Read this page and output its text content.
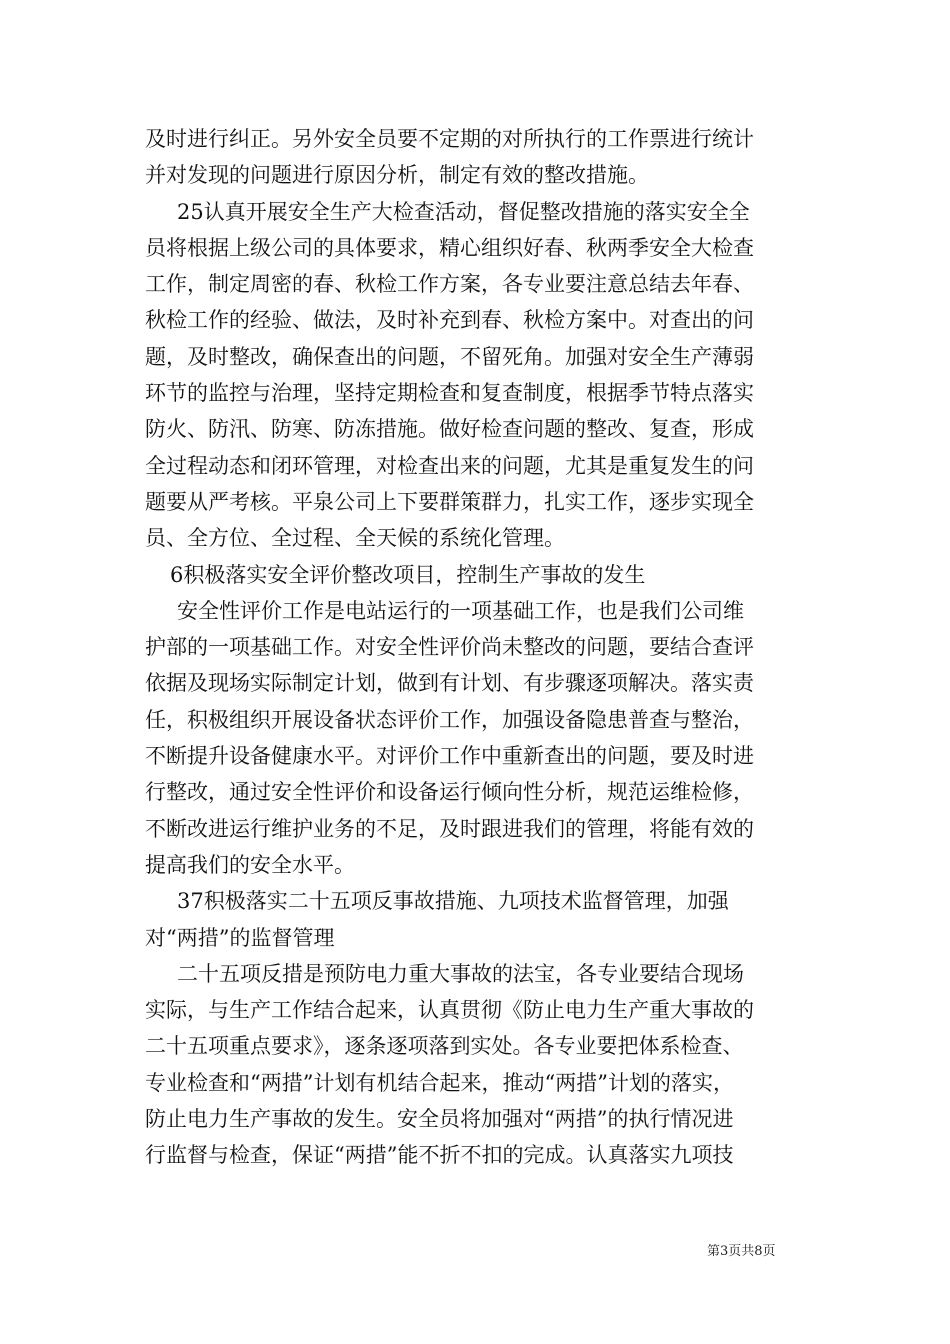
及时进行纠正。另外安全员要不定期的对所执行的工作票进行统计
并对发现的问题进行原因分析，制定有效的整改措施。
25认真开展安全生产大检查活动，督促整改措施的落实安全全
员将根据上级公司的具体要求，精心组织好春、秋两季安全大检查
工作，制定周密的春、秋检工作方案，各专业要注意总结去年春、
秋检工作的经验、做法，及时补充到春、秋检方案中。对查出的问
题，及时整改，确保查出的问题，不留死角。加强对安全生产薄弱
环节的监控与治理，坚持定期检查和复查制度，根据季节特点落实
防火、防汛、防寒、防冻措施。做好检查问题的整改、复查，形成
全过程动态和闭环管理，对检查出来的问题，尤其是重复发生的问
题要从严考核。平泉公司上下要群策群力，扎实工作，逐步实现全
员、全方位、全过程、全天候的系统化管理。
6积极落实安全评价整改项目，控制生产事故的发生
安全性评价工作是电站运行的一项基础工作，也是我们公司维
护部的一项基础工作。对安全性评价尚未整改的问题，要结合查评
依据及现场实际制定计划，做到有计划、有步骤逐项解决。落实责
任，积极组织开展设备状态评价工作，加强设备隐患普查与整治，
不断提升设备健康水平。对评价工作中重新查出的问题，要及时进
行整改，通过安全性评价和设备运行倾向性分析，规范运维检修，
不断改进运行维护业务的不足，及时跟进我们的管理，将能有效的
提高我们的安全水平。
37积极落实二十五项反事故措施、九项技术监督管理，加强
对“两措”的监督管理
二十五项反措是预防电力重大事故的法宝，各专业要结合现场
实际，与生产工作结合起来，认真贯彻《防止电力生产重大事故的
二十五项重点要求》，逐条逐项落到实处。各专业要把体系检查、
专业检查和“两措”计划有机结合起来，推动“两措”计划的落实，
防止电力生产事故的发生。安全员将加强对“两措”的执行情况进
行监督与检查，保证“两措”能不折不扣的完成。认真落实九项技
第3页共8页
